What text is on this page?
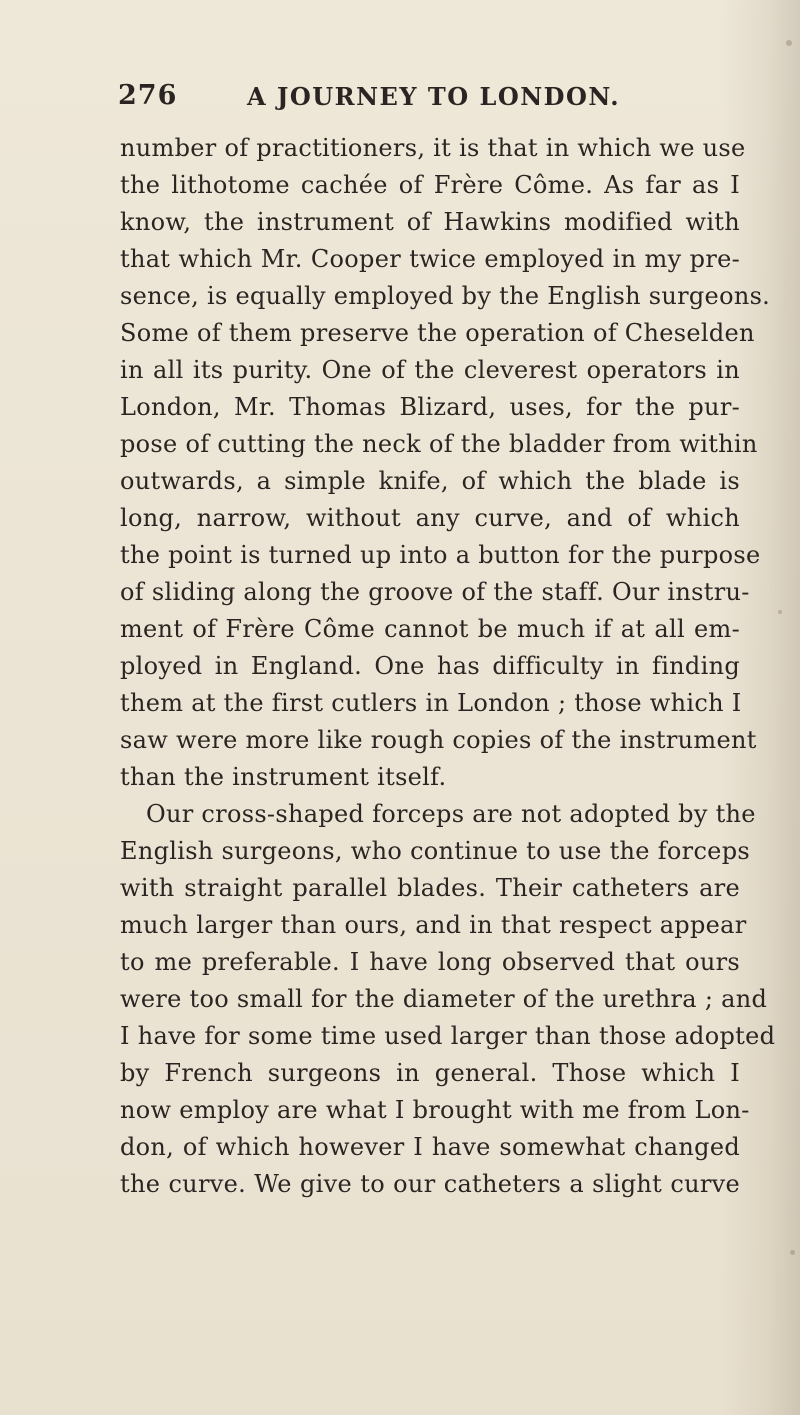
276	A JOURNEY TO LONDON.
number of practitioners, it is that in which we use
the lithotome cachée of Frère Côme. As far as I
know, the instrument of Hawkins modified with
that which Mr. Cooper twice employed in my pre-
sence, is equally employed by the English surgeons.
Some of them preserve the operation of Cheselden
in all its purity. One of the cleverest operators in
London, Mr. Thomas Blizard, uses, for the pur-
pose of cutting the neck of the bladder from within
outwards, a simple knife, of which the blade is
long, narrow, without any curve, and of which
the point is turned up into a button for the purpose
of sliding along the groove of the staff. Our instru-
ment of Frère Côme cannot be much if at all em-
ployed in England. One has difficulty in finding
them at the first cutlers in London ; those which I
saw were more like rough copies of the instrument
than the instrument itself.
Our cross-shaped forceps are not adopted by the
English surgeons, who continue to use the forceps
with straight parallel blades. Their catheters are
much larger than ours, and in that respect appear
to me preferable. I have long observed that ours
were too small for the diameter of the urethra ; and
I have for some time used larger than those adopted
by French surgeons in general. Those which I
now employ are what I brought with me from Lon-
don, of which however I have somewhat changed
the curve. We give to our catheters a slight curve
